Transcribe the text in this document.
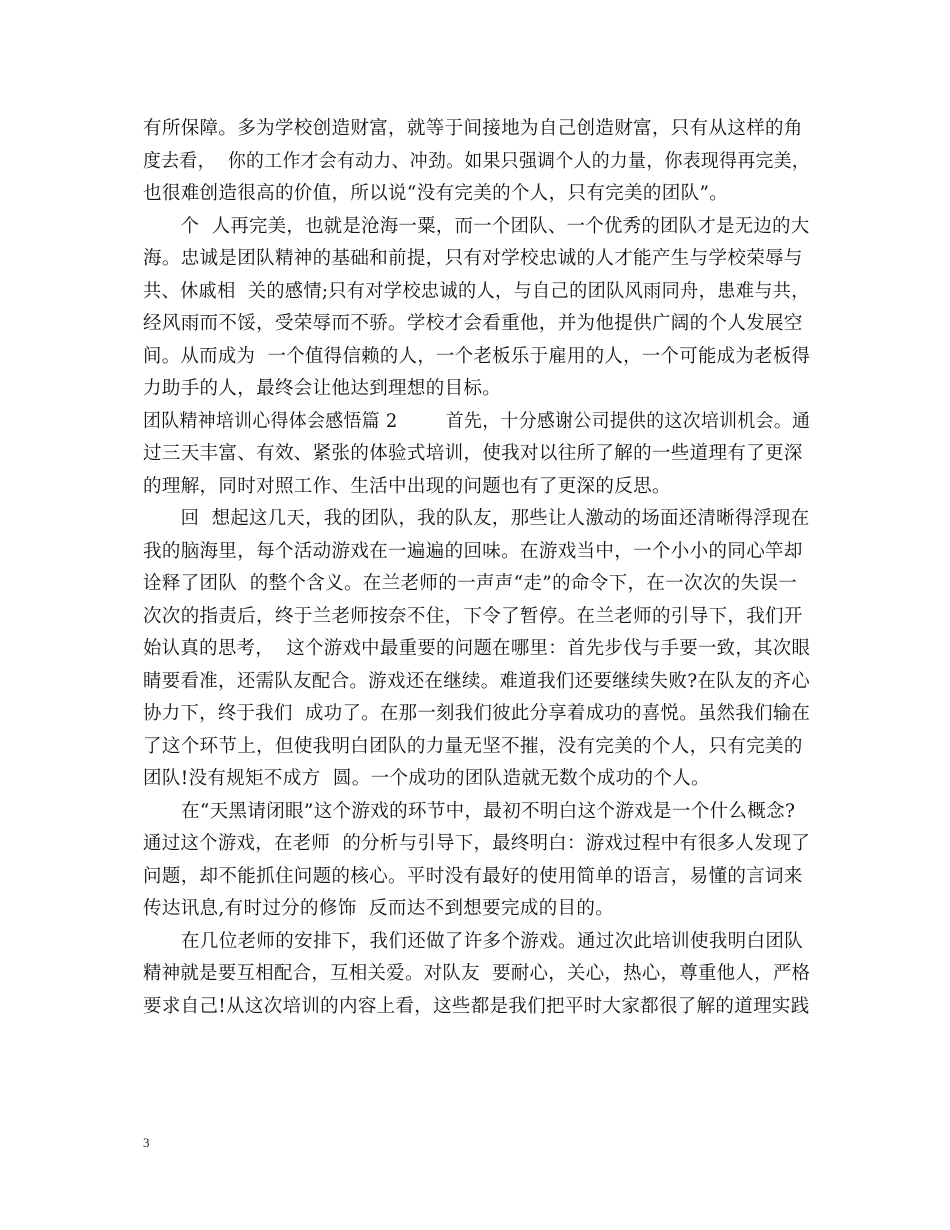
有所保障。多为学校创造财富，就等于间接地为自己创造财富，只有从这样的角
度去看，  你的工作才会有动力、冲劲。如果只强调个人的力量，你表现得再完美，
也很难创造很高的价值，所以说“没有完美的个人，只有完美的团队”。
个  人再完美，也就是沧海一粟，而一个团队、一个优秀的团队才是无边的大
海。忠诚是团队精神的基础和前提，只有对学校忠诚的人才能产生与学校荣辱与
共、休戚相  关的感情;只有对学校忠诚的人，与自己的团队风雨同舟，患难与共，
经风雨而不馁，受荣辱而不骄。学校才会看重他，并为他提供广阔的个人发展空
间。从而成为  一个值得信赖的人，一个老板乐于雇用的人，一个可能成为老板得
力助手的人，最终会让他达到理想的目标。
团队精神培训心得体会感悟篇 2        首先，十分感谢公司提供的这次培训机会。通
过三天丰富、有效、紧张的体验式培训，使我对以往所了解的一些道理有了更深
的理解，同时对照工作、生活中出现的问题也有了更深的反思。
回  想起这几天，我的团队，我的队友，那些让人激动的场面还清晰得浮现在
我的脑海里，每个活动游戏在一遍遍的回味。在游戏当中，一个小小的同心竿却
诠释了团队  的整个含义。在兰老师的一声声“走”的命令下，在一次次的失误一
次次的指责后，终于兰老师按奈不住，下令了暂停。在兰老师的引导下，我们开
始认真的思考，  这个游戏中最重要的问题在哪里：首先步伐与手要一致，其次眼
睛要看准，还需队友配合。游戏还在继续。难道我们还要继续失败?在队友的齐心
协力下，终于我们  成功了。在那一刻我们彼此分享着成功的喜悦。虽然我们输在
了这个环节上，但使我明白团队的力量无坚不摧，没有完美的个人，只有完美的
团队!没有规矩不成方  圆。一个成功的团队造就无数个成功的个人。
在“天黑请闭眼”这个游戏的环节中，最初不明白这个游戏是一个什么概念?
通过这个游戏，在老师  的分析与引导下，最终明白：游戏过程中有很多人发现了
问题，却不能抓住问题的核心。平时没有最好的使用简单的语言，易懂的言词来
传达讯息,有时过分的修饰  反而达不到想要完成的目的。
在几位老师的安排下，我们还做了许多个游戏。通过次此培训使我明白团队
精神就是要互相配合，互相关爱。对队友  要耐心，关心，热心，尊重他人，严格
要求自己!从这次培训的内容上看，这些都是我们把平时大家都很了解的道理实践
3
